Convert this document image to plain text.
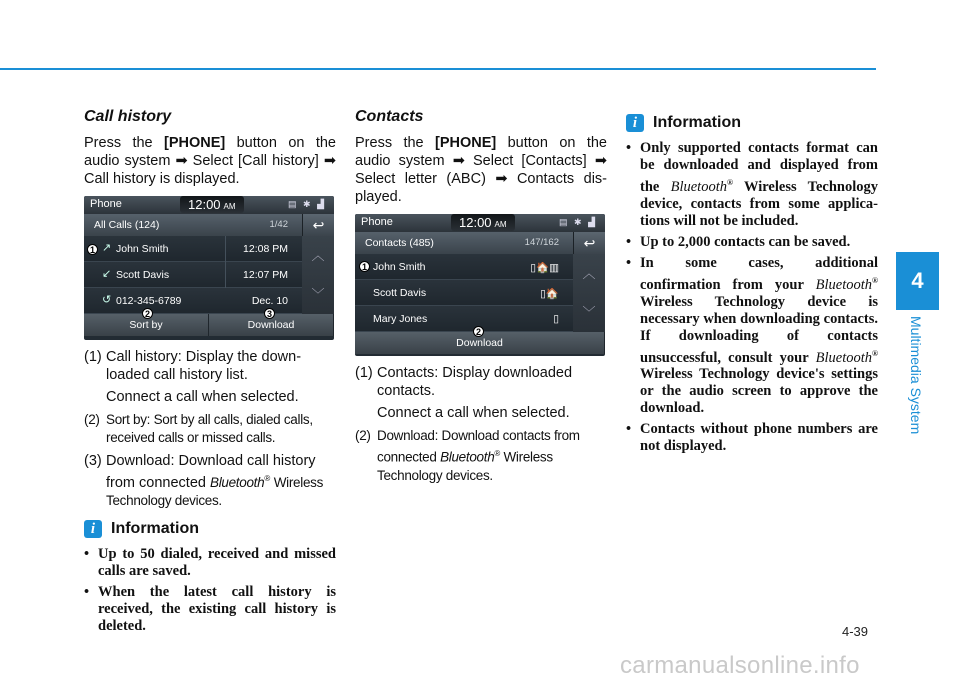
Call history

Press the [PHONE] button on the audio system ➡ Select [Call history] ➡ Call history is displayed.

Phone	12:00 AM	▤ ✱ ▟
All Calls (124)	1/42	↩
↗ John Smith	12:08 PM
↙ Scott Davis	12:07 PM
↺ 012-345-6789	Dec. 10
︿
﹀
Sort by	Download
1
2	3
(1) Call history: Display the down-loaded call history list.
Connect a call when selected.
(2) Sort by: Sort by all calls, dialed calls, received calls or missed calls.
(3) Download: Download call history from connected Bluetooth® Wireless Technology devices.
i Information
• Up to 50 dialed, received and missed calls are saved.
• When the latest call history is received, the existing call history is deleted.
Contacts

Press the [PHONE] button on the audio system ➡ Select [Contacts] ➡ Select letter (ABC) ➡ Contacts dis-played.

Phone	12:00 AM	▤ ✱ ▟
Contacts (485)	147/162	↩
John Smith	▯🏠▥
Scott Davis	▯🏠
Mary Jones	▯
︿
﹀
Download
1
2
(1) Contacts: Display downloaded contacts.
Connect a call when selected.
(2) Download: Download contacts from connected Bluetooth® Wireless Technology devices.
i Information
• Only supported contacts format can be downloaded and displayed from the Bluetooth® Wireless Technology device, contacts from some applica-tions will not be included.
• Up to 2,000 contacts can be saved.
• In some cases, additional confirmation from your Bluetooth® Wireless Technology device is necessary when downloading contacts. If downloading of contacts unsuccessful, consult your Bluetooth® Wireless Technology device's settings or the audio screen to approve the download.
• Contacts without phone numbers are not displayed.
4
Multimedia System
4-39
carmanualsonline.info
